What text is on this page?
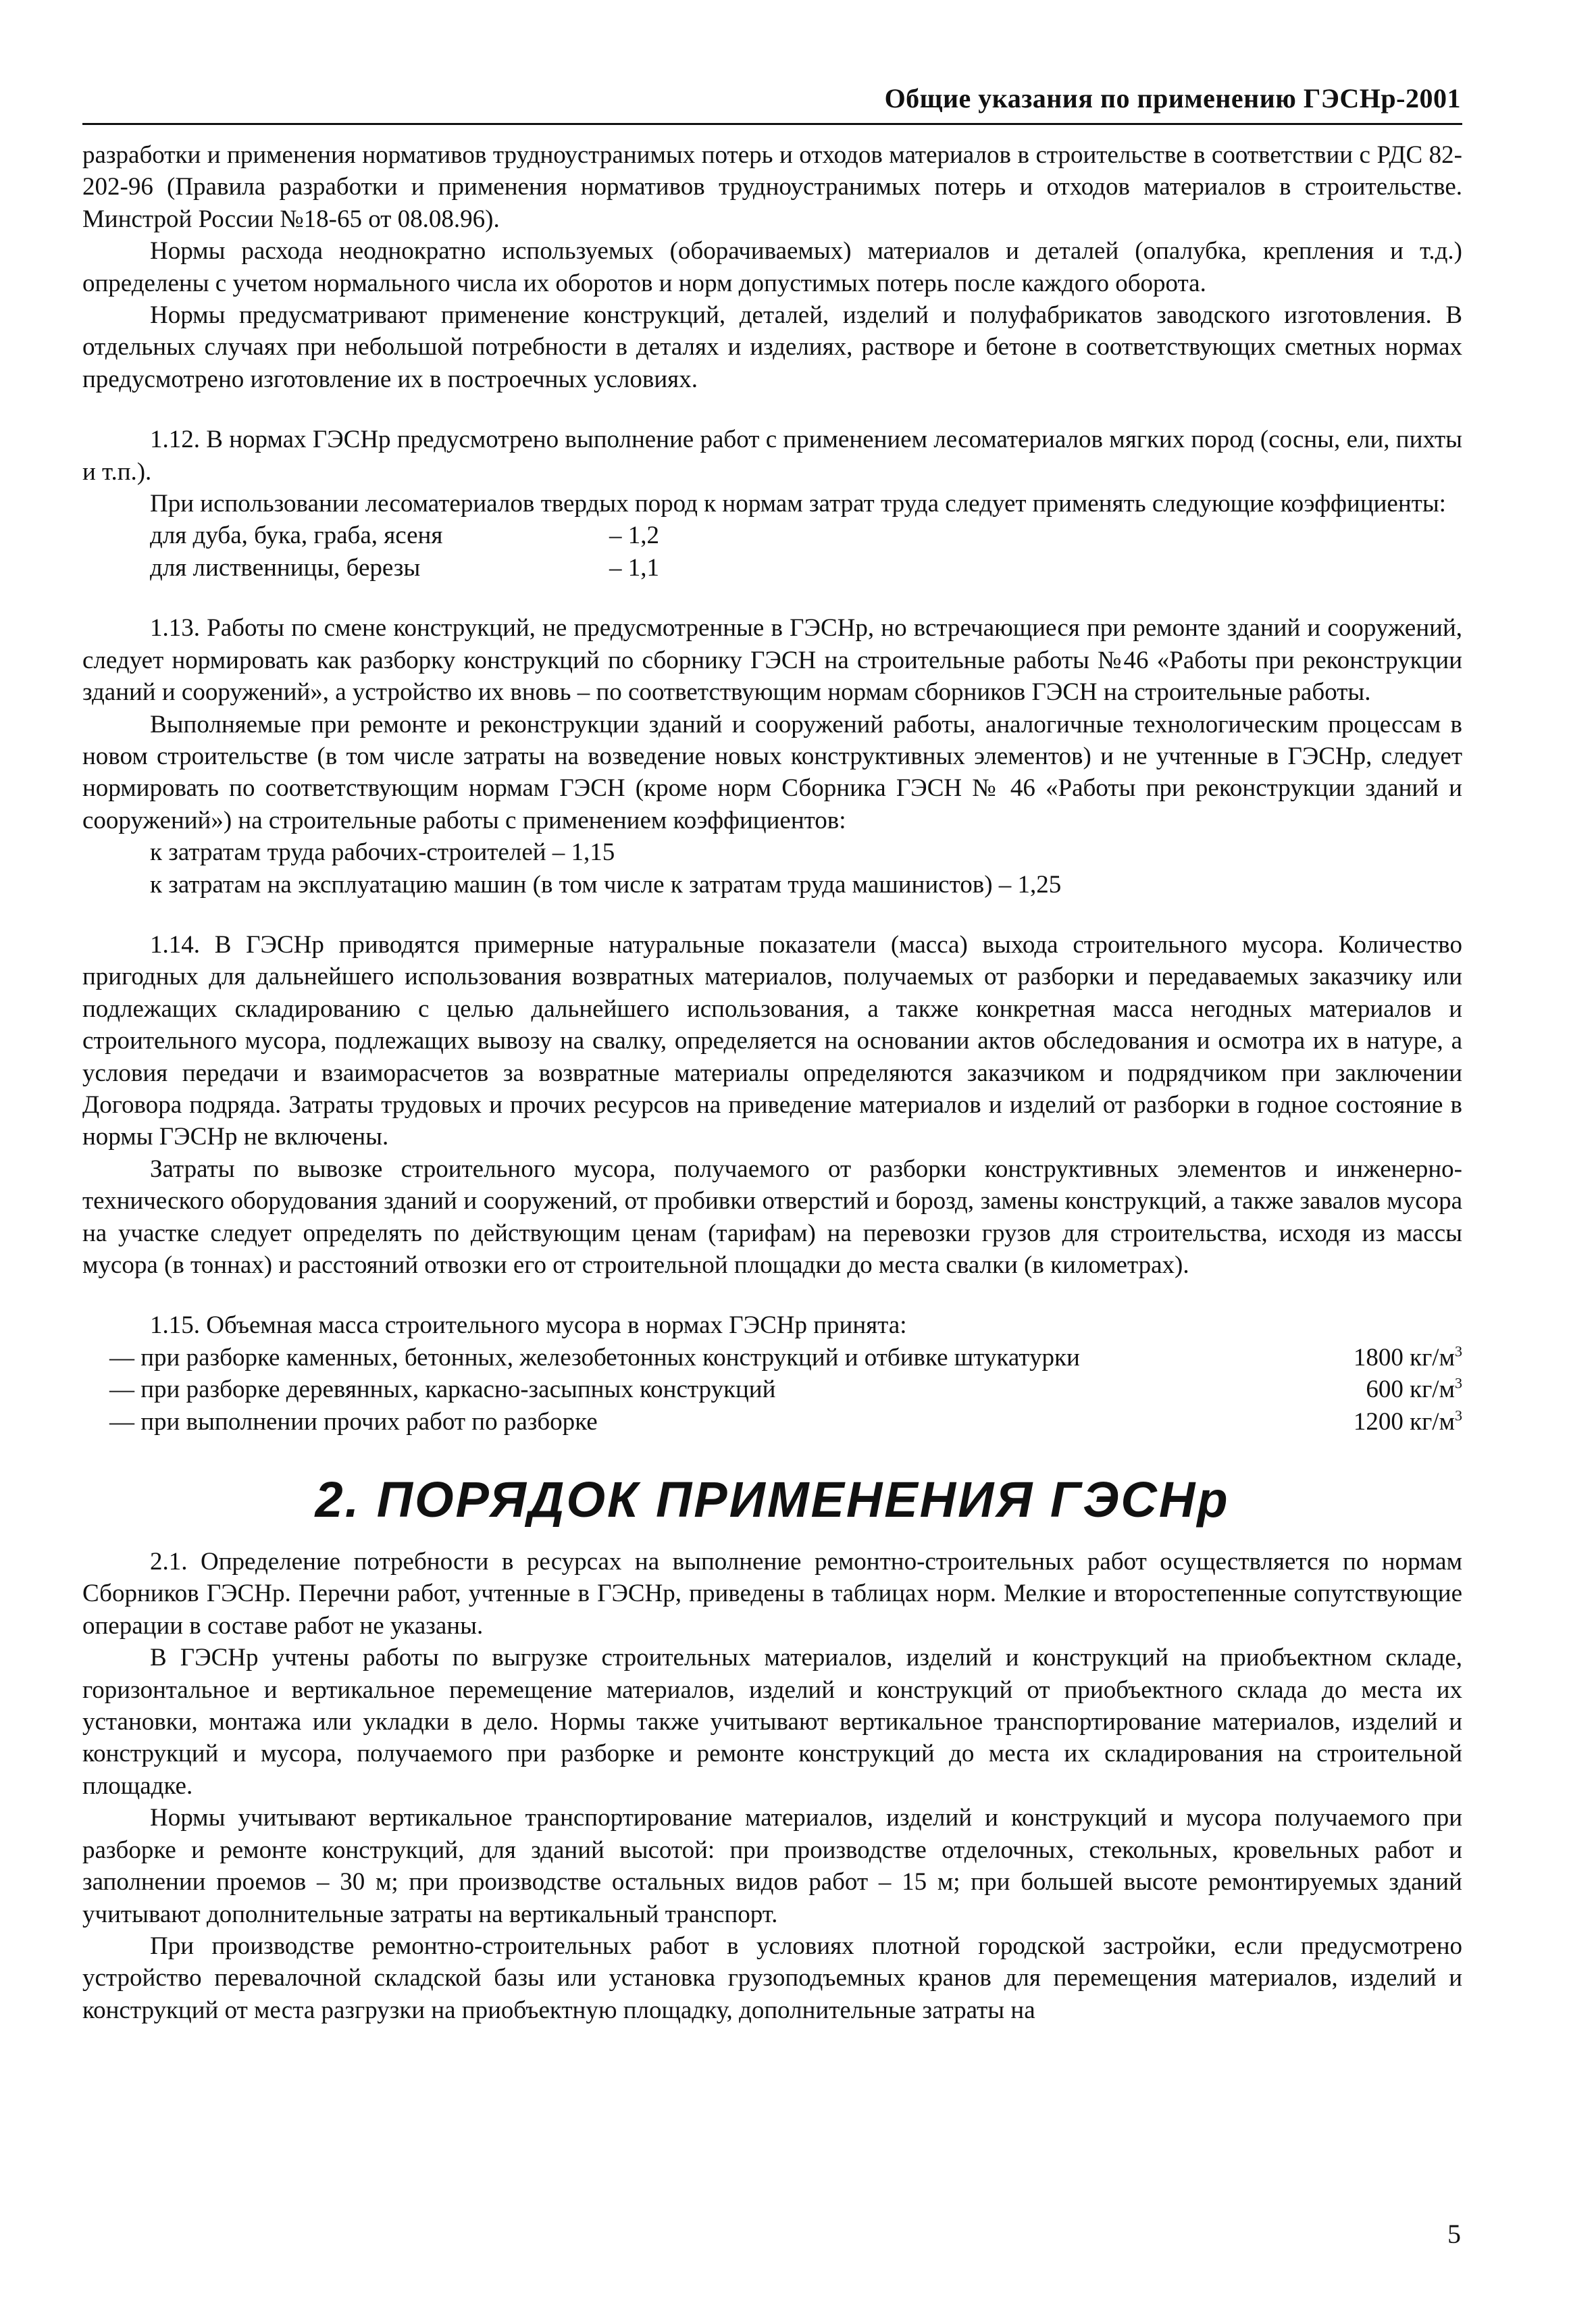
Общие указания по применению ГЭСНр-2001

разработки и применения нормативов трудноустранимых потерь и отходов материалов в строительстве в соответствии с РДС 82-202-96 (Правила разработки и применения нормативов трудноустранимых потерь и отходов материалов в строительстве. Минстрой России №18-65 от 08.08.96).

Нормы расхода неоднократно используемых (оборачиваемых) материалов и деталей (опалубка, крепления и т.д.) определены с учетом нормального числа их оборотов и норм допустимых потерь после каждого оборота.

Нормы предусматривают применение конструкций, деталей, изделий и полуфабрикатов заводского изготовления. В отдельных случаях при небольшой потребности в деталях и изделиях, растворе и бетоне в соответствующих сметных нормах предусмотрено изготовление их в построечных условиях.

1.12. В нормах ГЭСНр предусмотрено выполнение работ с применением лесоматериалов мягких пород (сосны, ели, пихты и т.п.).

При использовании лесоматериалов твердых пород к нормам затрат труда следует применять следующие коэффициенты:

для дуба, бука, граба, ясеня	– 1,2
для лиственницы, березы	– 1,1

1.13. Работы по смене конструкций, не предусмотренные в ГЭСНр, но встречающиеся при ремонте зданий и сооружений, следует нормировать как разборку конструкций по сборнику ГЭСН на строительные работы №46 «Работы при реконструкции зданий и сооружений», а устройство их вновь – по соответствующим нормам сборников ГЭСН на строительные работы.

Выполняемые при ремонте и реконструкции зданий и сооружений работы, аналогичные технологическим процессам в новом строительстве (в том числе затраты на возведение новых конструктивных элементов) и не учтенные в ГЭСНр, следует нормировать по соответствующим нормам ГЭСН (кроме норм Сборника ГЭСН № 46 «Работы при реконструкции зданий и сооружений») на строительные работы с применением коэффициентов:

к затратам труда рабочих-строителей – 1,15
к затратам на эксплуатацию машин (в том числе к затратам труда машинистов) – 1,25

1.14. В ГЭСНр приводятся примерные натуральные показатели (масса) выхода строительного мусора. Количество пригодных для дальнейшего использования возвратных материалов, получаемых от разборки и передаваемых заказчику или подлежащих складированию с целью дальнейшего использования, а также конкретная масса негодных материалов и строительного мусора, подлежащих вывозу на свалку, определяется на основании актов обследования и осмотра их в натуре, а условия передачи и взаиморасчетов за возвратные материалы определяются заказчиком и подрядчиком при заключении Договора подряда. Затраты трудовых и прочих ресурсов на приведение материалов и изделий от разборки в годное состояние в нормы ГЭСНр не включены.

Затраты по вывозке строительного мусора, получаемого от разборки конструктивных элементов и инженерно-технического оборудования зданий и сооружений, от пробивки отверстий и борозд, замены конструкций, а также завалов мусора на участке следует определять по действующим ценам (тарифам) на перевозки грузов для строительства, исходя из массы мусора (в тоннах) и расстояний отвозки его от строительной площадки до места свалки (в километрах).

1.15. Объемная масса строительного мусора в нормах ГЭСНр принята:

— при разборке каменных, бетонных, железобетонных конструкций и отбивке штукатурки	1800 $кг/м^3$
— при разборке деревянных, каркасно-засыпных конструкций	600 $кг/м^3$
— при выполнении прочих работ по разборке	1200 $кг/м^3$
2. ПОРЯДОК ПРИМЕНЕНИЯ ГЭСНр

2.1. Определение потребности в ресурсах на выполнение ремонтно-строительных работ осуществляется по нормам Сборников ГЭСНр. Перечни работ, учтенные в ГЭСНр, приведены в таблицах норм. Мелкие и второстепенные сопутствующие операции в составе работ не указаны.

В ГЭСНр учтены работы по выгрузке строительных материалов, изделий и конструкций на приобъектном складе, горизонтальное и вертикальное перемещение материалов, изделий и конструкций от приобъектного склада до места их установки, монтажа или укладки в дело. Нормы также учитывают вертикальное транспортирование материалов, изделий и конструкций и мусора, получаемого при разборке и ремонте конструкций до места их складирования на строительной площадке.

Нормы учитывают вертикальное транспортирование материалов, изделий и конструкций и мусора получаемого при разборке и ремонте конструкций, для зданий высотой: при производстве отделочных, стекольных, кровельных работ и заполнении проемов – 30 м; при производстве остальных видов работ – 15 м; при большей высоте ремонтируемых зданий учитывают дополнительные затраты на вертикальный транспорт.

При производстве ремонтно-строительных работ в условиях плотной городской застройки, если предусмотрено устройство перевалочной складской базы или установка грузоподъемных кранов для перемещения материалов, изделий и конструкций от места разгрузки на приобъектную площадку, дополнительные затраты на

5
